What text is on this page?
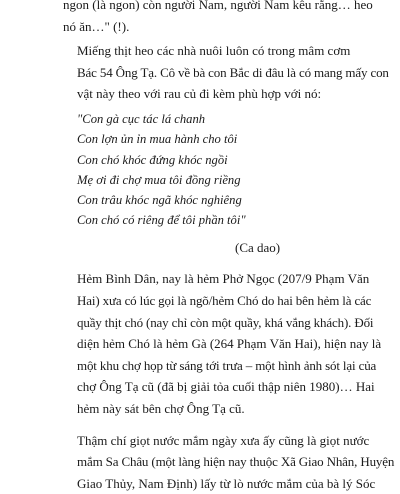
ngon (là ngon) còn người Nam, người Nam kêu rằng… heo
nó ăn…" (!).

Miếng thịt heo các nhà nuôi luôn có trong mâm cơm
Bác 54 Ông Tạ. Cô về bà con Bắc di đâu là có mang mấy con
vật này theo với rau củ đi kèm phù hợp với nó:

"Con gà cục tác lá chanh
Con lợn ủn ỉn mua hành cho tôi
Con chó khóc đứng khóc ngồi
Mẹ ơi đi chợ mua tôi đồng riềng
Con trâu khóc ngã khóc nghiêng
Con chó có riêng để tôi phần tôi"

(Ca dao)

Hẻm Bình Dân, nay là hẻm Phở Ngọc (207/9 Phạm Văn
Hai) xưa có lúc gọi là ngõ/hẻm Chó do hai bên hẻm là các
quầy thịt chó (nay chỉ còn một quầy, khá vắng khách). Đối
diện hẻm Chó là hẻm Gà (264 Phạm Văn Hai), hiện nay là
một khu chợ họp từ sáng tới trưa – một hình ảnh sót lại của
chợ Ông Tạ cũ (đã bị giải tỏa cuối thập niên 1980)… Hai
hẻm này sát bên chợ Ông Tạ cũ.

Thậm chí giọt nước mắm ngày xưa ấy cũng là giọt nước
mắm Sa Châu (một làng hiện nay thuộc Xã Giao Nhân, Huyện
Giao Thủy, Nam Định) lấy từ lò nước mắm của bà lý Sóc
